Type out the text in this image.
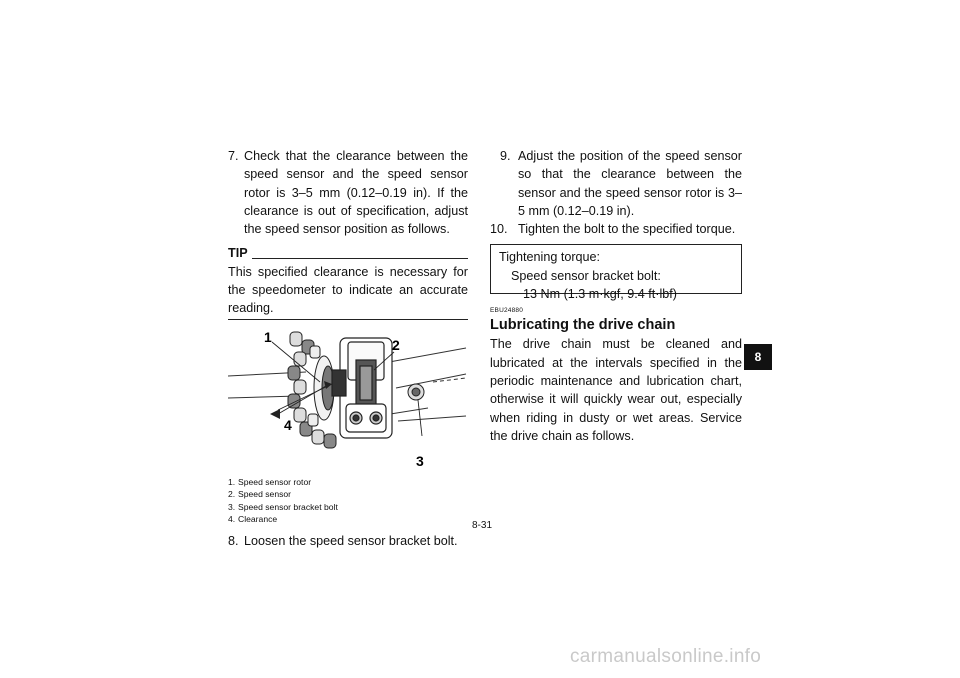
7. Check that the clearance between the speed sensor and the speed sensor rotor is 3–5 mm (0.12–0.19 in). If the clearance is out of specification, adjust the speed sensor position as follows.
TIP
This specified clearance is necessary for the speedometer to indicate an accurate reading.
1	2
3
4
1. Speed sensor rotor
2. Speed sensor
3. Speed sensor bracket bolt
4. Clearance
8. Loosen the speed sensor bracket bolt.
9. Adjust the position of the speed sensor so that the clearance between the sensor and the speed sensor rotor is 3–5 mm (0.12–0.19 in).
10. Tighten the bolt to the specified torque.
Tightening torque:
Speed sensor bracket bolt:
13 Nm (1.3 m·kgf, 9.4 ft·lbf)
EBU24880
Lubricating the drive chain
The drive chain must be cleaned and lubricated at the intervals specified in the periodic maintenance and lubrication chart, otherwise it will quickly wear out, especially when riding in dusty or wet areas. Service the drive chain as follows.
8-31
8
carmanualsonline.info
